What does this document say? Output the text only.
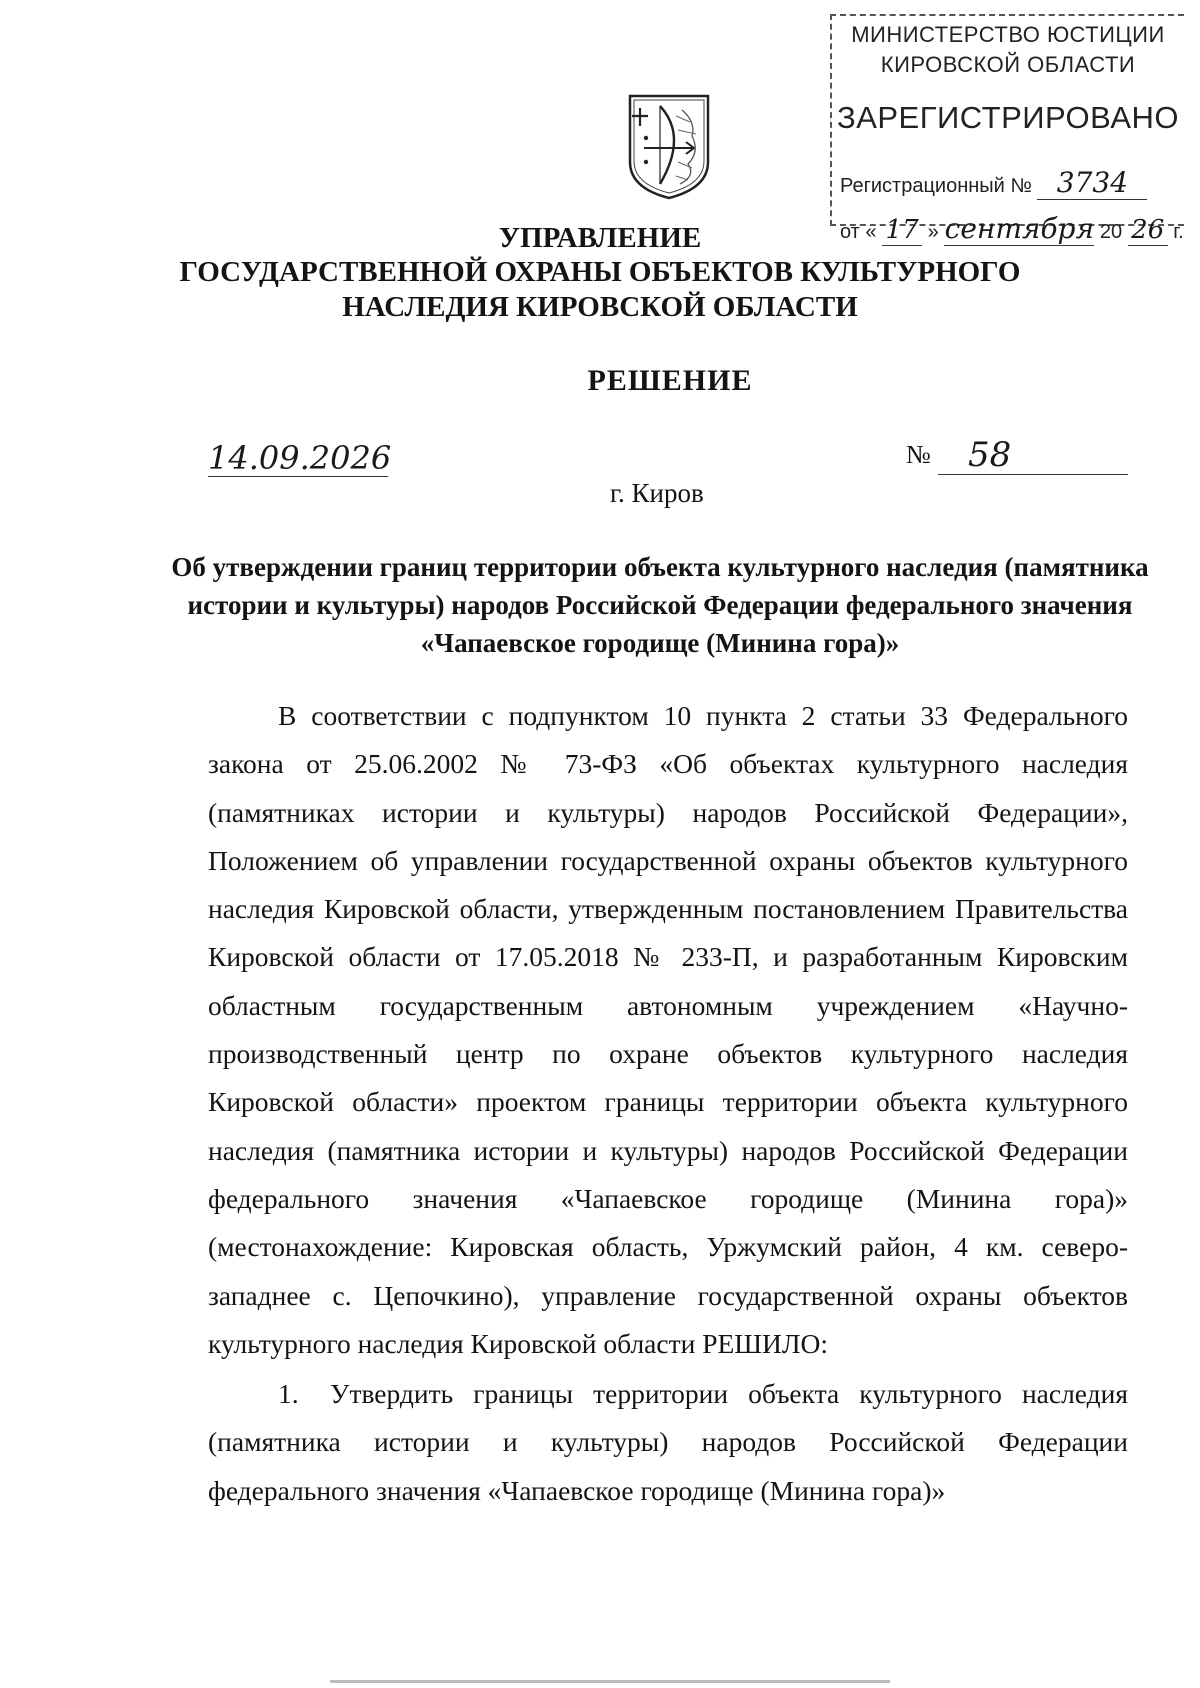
МИНИСТЕРСТВО ЮСТИЦИИ
КИРОВСКОЙ ОБЛАСТИ
ЗАРЕГИСТРИРОВАНО
Регистрационный № 3734
от « 17 » сентября 20 26 г.
УПРАВЛЕНИЕ
ГОСУДАРСТВЕННОЙ ОХРАНЫ ОБЪЕКТОВ КУЛЬТУРНОГО
НАСЛЕДИЯ КИРОВСКОЙ ОБЛАСТИ
РЕШЕНИЕ
14.09.2026	№	58
г. Киров
Об утверждении границ территории объекта культурного наследия (памятника истории и культуры) народов Российской Федерации федерального значения «Чапаевское городище (Минина гора)»
В соответствии с подпунктом 10 пункта 2 статьи 33 Федерального закона от 25.06.2002 № 73-ФЗ «Об объектах культурного наследия (памятниках истории и культуры) народов Российской Федерации», Положением об управлении государственной охраны объектов культурного наследия Кировской области, утвержденным постановлением Правительства Кировской области от 17.05.2018 № 233-П, и разработанным Кировским областным государственным автономным учреждением «Научно-производственный центр по охране объектов культурного наследия Кировской области» проектом границы территории объекта культурного наследия (памятника истории и культуры) народов Российской Федерации федерального значения «Чапаевское городище (Минина гора)» (местонахождение: Кировская область, Уржумский район, 4 км. северо-западнее с. Цепочкино), управление государственной охраны объектов культурного наследия Кировской области РЕШИЛО:
1. Утвердить границы территории объекта культурного наследия (памятника истории и культуры) народов Российской Федерации федерального значения «Чапаевское городище (Минина гора)»
